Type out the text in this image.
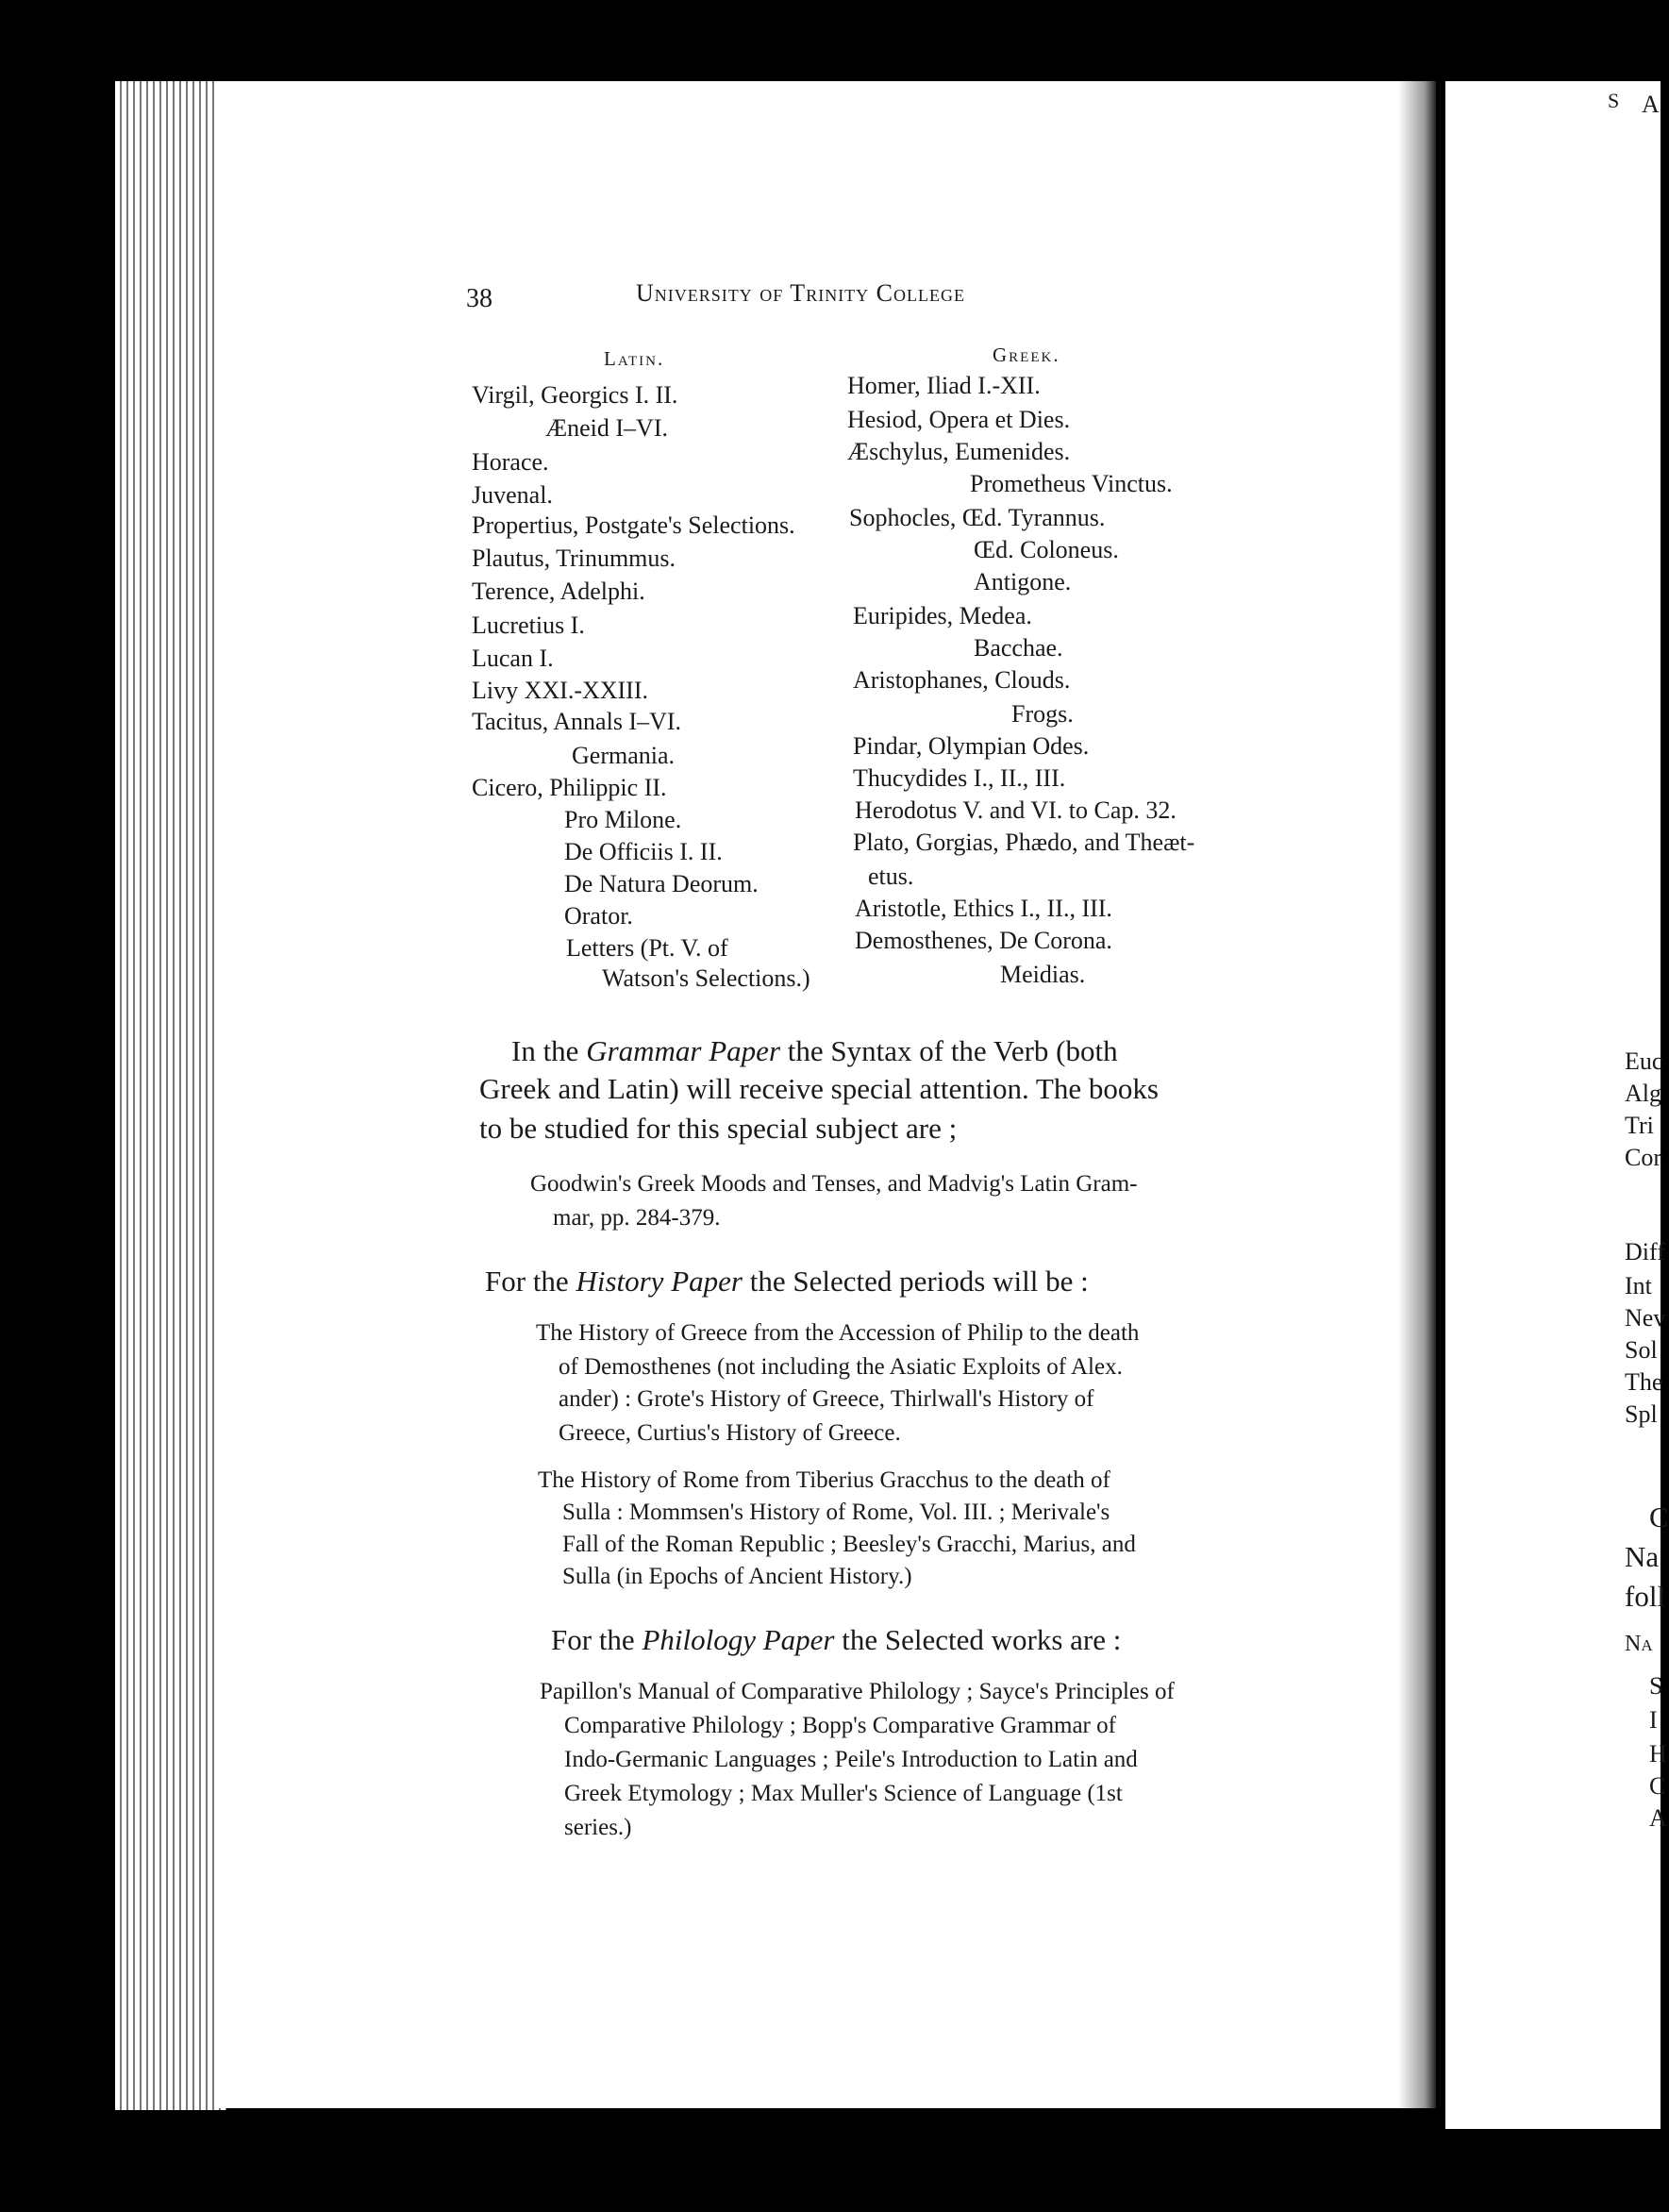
38	University of Trinity College
Latin.
Virgil, Georgics I. II.
Æneid I–VI.
Horace.
Juvenal.
Propertius, Postgate's Selections.
Plautus, Trinummus.
Terence, Adelphi.
Lucretius I.
Lucan I.
Livy XXI.-XXIII.
Tacitus, Annals I–VI.
Germania.
Cicero, Philippic II.
Pro Milone.
De Officiis I. II.
De Natura Deorum.
Orator.
Letters (Pt. V. of
Watson's Selections.)
Greek.
Homer, Iliad I.-XII.
Hesiod, Opera et Dies.
Æschylus, Eumenides.
Prometheus Vinctus.
Sophocles, Œd. Tyrannus.
Œd. Coloneus.
Antigone.
Euripides, Medea.
Bacchae.
Aristophanes, Clouds.
Frogs.
Pindar, Olympian Odes.
Thucydides I., II., III.
Herodotus V. and VI. to Cap. 32.
Plato, Gorgias, Phædo, and Theæt-
etus.
Aristotle, Ethics I., II., III.
Demosthenes, De Corona.
Meidias.
In the Grammar Paper the Syntax of the Verb (both
Greek and Latin) will receive special attention. The books
to be studied for this special subject are ;
Goodwin's Greek Moods and Tenses, and Madvig's Latin Gram-
mar, pp. 284-379.
For the History Paper the Selected periods will be :
The History of Greece from the Accession of Philip to the death
of Demosthenes (not including the Asiatic Exploits of Alex.
ander) : Grote's History of Greece, Thirlwall's History of
Greece, Curtius's History of Greece.
The History of Rome from Tiberius Gracchus to the death of
Sulla : Mommsen's History of Rome, Vol. III. ; Merivale's
Fall of the Roman Republic ; Beesley's Gracchi, Marius, and
Sulla (in Epochs of Ancient History.)
For the Philology Paper the Selected works are :
Papillon's Manual of Comparative Philology ; Sayce's Principles of
Comparative Philology ; Bopp's Comparative Grammar of
Indo-Germanic Languages ; Peile's Introduction to Latin and
Greek Etymology ; Max Muller's Science of Language (1st
series.)
A
S
Euc
Alg
Tri
Cor
Diff
Int
Nev
Sol
The
Spl
C
Na
foll
Na
S
I
H
C
A
